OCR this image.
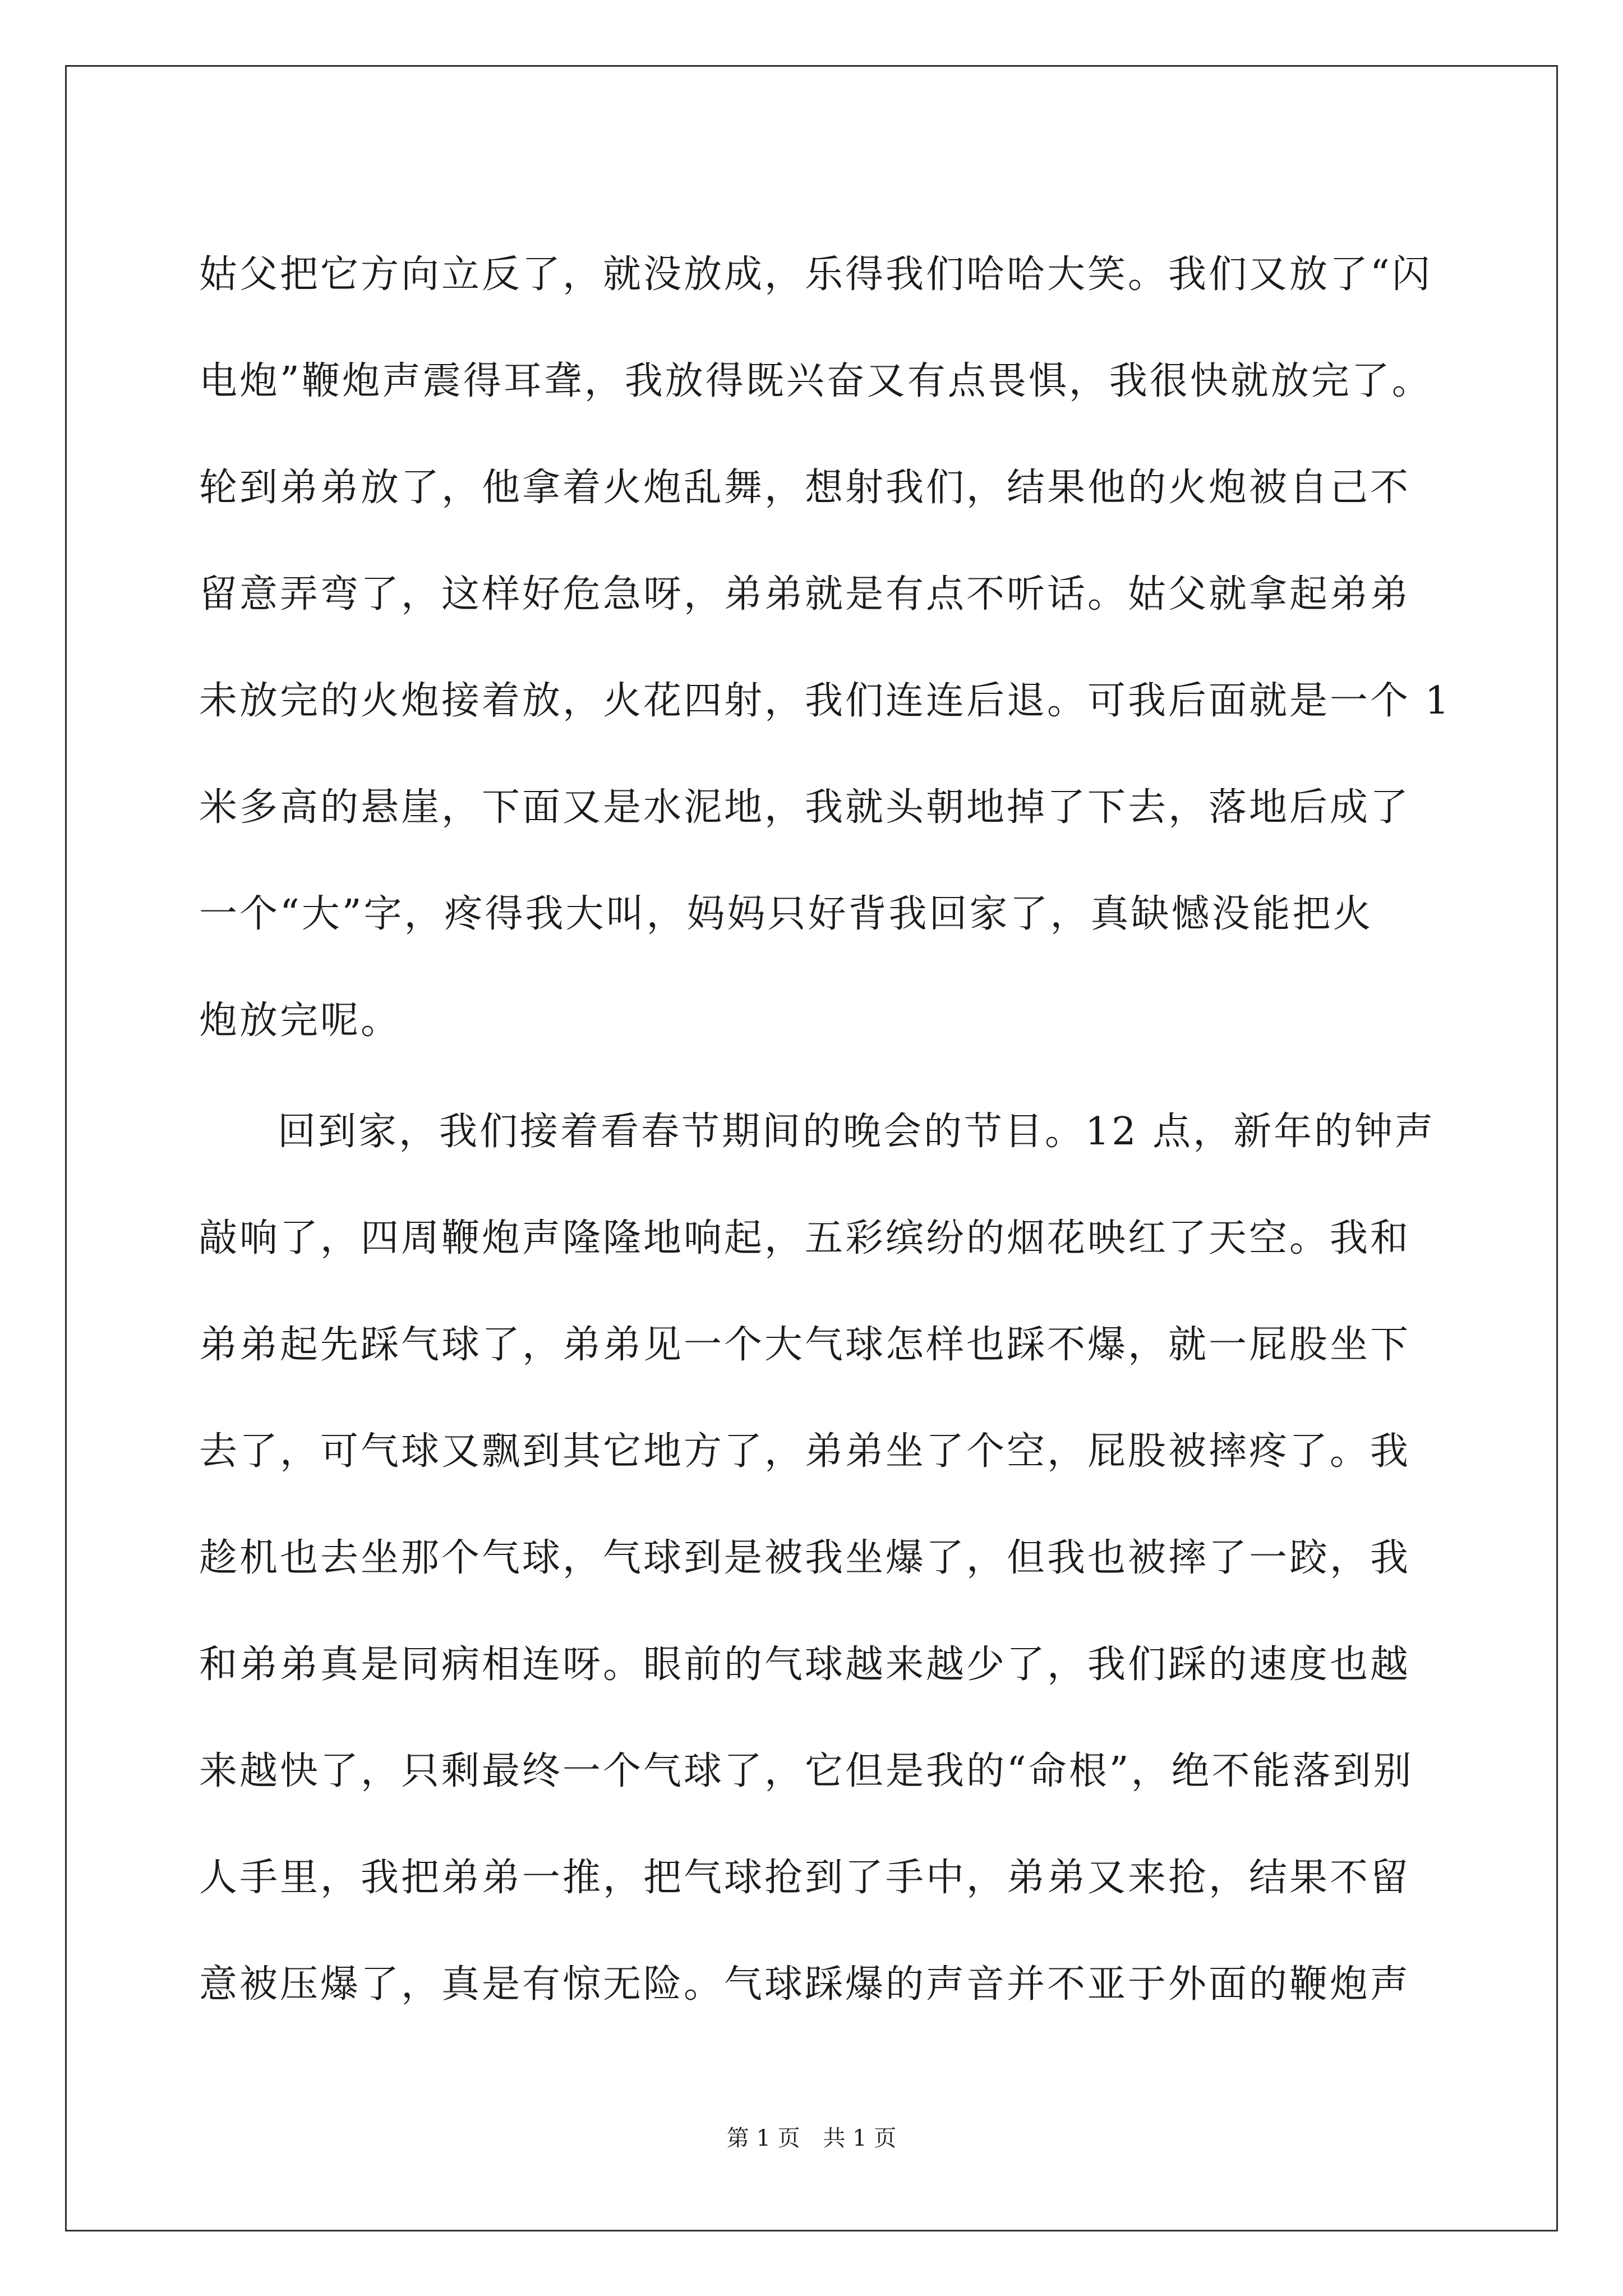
姑父把它方向立反了，就没放成，乐得我们哈哈大笑。我们又放了“闪
电炮”鞭炮声震得耳聋，我放得既兴奋又有点畏惧，我很快就放完了。
轮到弟弟放了，他拿着火炮乱舞，想射我们，结果他的火炮被自己不
留意弄弯了，这样好危急呀，弟弟就是有点不听话。姑父就拿起弟弟
未放完的火炮接着放，火花四射，我们连连后退。可我后面就是一个 1
米多高的悬崖，下面又是水泥地，我就头朝地掉了下去，落地后成了
一个“大”字，疼得我大叫，妈妈只好背我回家了，真缺憾没能把火
炮放完呢。
回到家，我们接着看春节期间的晚会的节目。12 点，新年的钟声
敲响了，四周鞭炮声隆隆地响起，五彩缤纷的烟花映红了天空。我和
弟弟起先踩气球了，弟弟见一个大气球怎样也踩不爆，就一屁股坐下
去了，可气球又飘到其它地方了，弟弟坐了个空，屁股被摔疼了。我
趁机也去坐那个气球，气球到是被我坐爆了，但我也被摔了一跤，我
和弟弟真是同病相连呀。眼前的气球越来越少了，我们踩的速度也越
来越快了，只剩最终一个气球了，它但是我的“命根”，绝不能落到别
人手里，我把弟弟一推，把气球抢到了手中，弟弟又来抢，结果不留
意被压爆了，真是有惊无险。气球踩爆的声音并不亚于外面的鞭炮声
第 1 页 共 1 页
